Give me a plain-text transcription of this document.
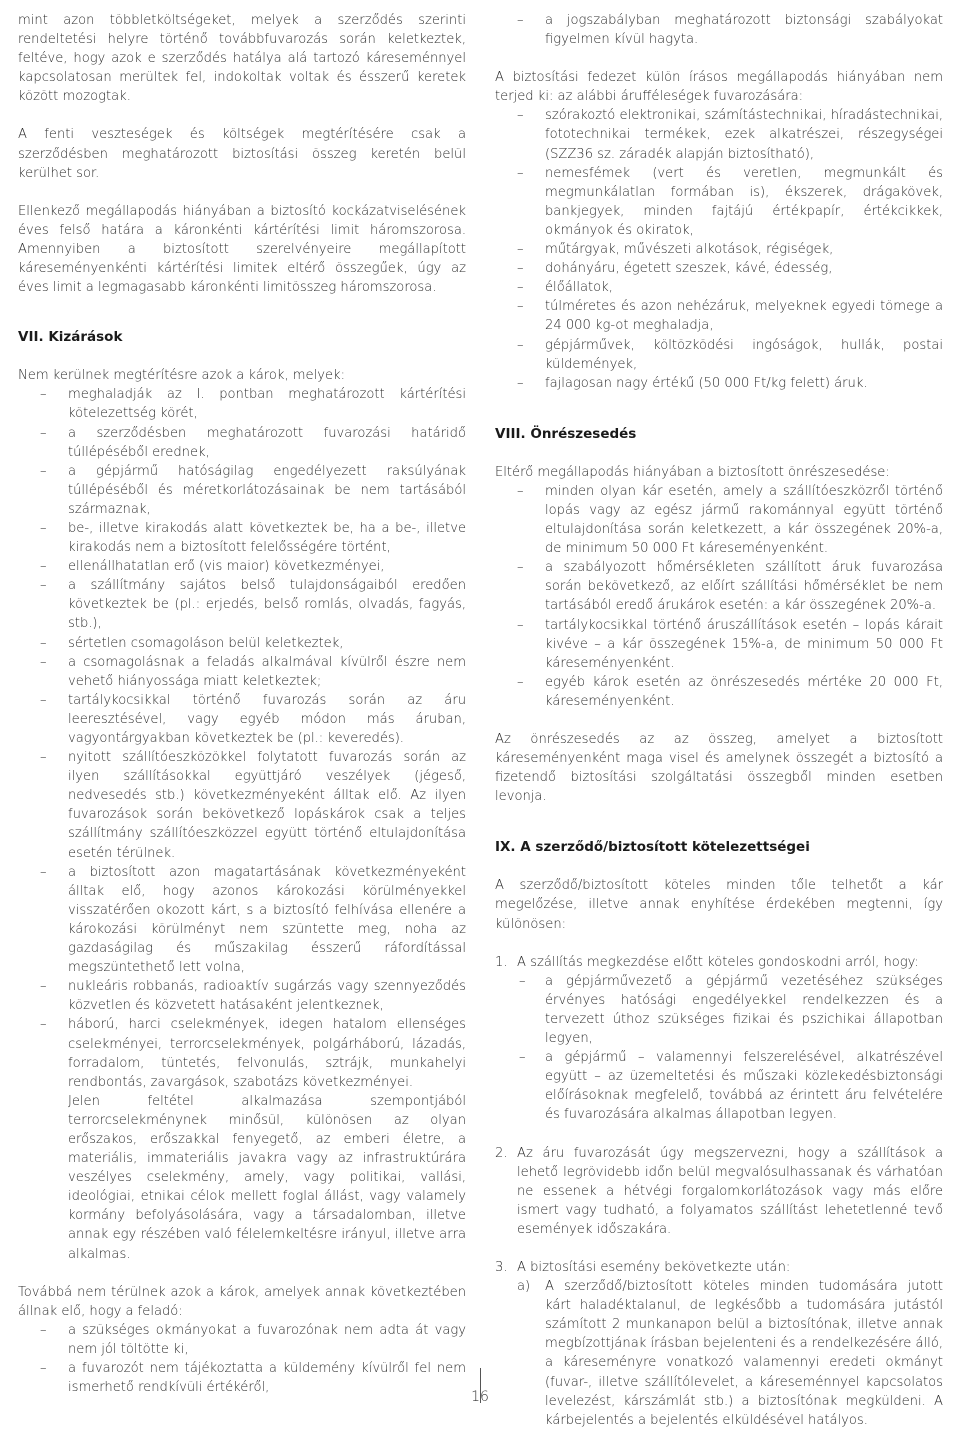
mint azon többletköltségeket, melyek a szerződés szerinti rendeltetési helyre történő továbbfuvarozás során keletkeztek, feltéve, hogy azok e szerződés hatálya alá tartozó káreseménnyel kapcsolatosan merültek fel, indokoltak voltak és ésszerű keretek között mozogtak.

A fenti veszteségek és költségek megtérítésére csak a szerződésben meghatározott biztosítási összeg keretén belül kerülhet sor.

Ellenkező megállapodás hiányában a biztosító kockázatviselésének éves felső határa a káronkénti kártérítési limit háromszorosa. Amennyiben a biztosított szerelvényeire megállapított káreseményenkénti kártérítési limitek eltérő összegűek, úgy az éves limit a legmagasabb káronkénti limitösszeg háromszorosa.

VII. Kizárások

Nem kerülnek megtérítésre azok a károk, melyek:

– meghaladják az I. pontban meghatározott kártérítési kötelezettség körét,
– a szerződésben meghatározott fuvarozási határidő túllépéséből erednek,
– a gépjármű hatóságilag engedélyezett raksúlyának túllépéséből és méretkorlátozásainak be nem tartásából származnak,
– be-, illetve kirakodás alatt következtek be, ha a be-, illetve kirakodás nem a biztosított felelősségére történt,
– ellenállhatatlan erő (vis maior) következményei,
– a szállítmány sajátos belső tulajdonságaiból eredően következtek be (pl.: erjedés, belső romlás, olvadás, fagyás, stb.),
– sértetlen csomagoláson belül keletkeztek,
– a csomagolásnak a feladás alkalmával kívülről észre nem vehető hiányossága miatt keletkeztek;
– tartálykocsikkal történő fuvarozás során az áru leeresztésével, vagy egyéb módon más áruban, vagyontárgyakban következtek be (pl.: keveredés).
– nyitott szállítóeszközökkel folytatott fuvarozás során az ilyen szállításokkal együttjáró veszélyek (jégeső, nedvesedés stb.) következményeként álltak elő. Az ilyen fuvarozások során bekövetkező lopáskárok csak a teljes szállítmány szállítóeszközzel együtt történő eltulajdonítása esetén térülnek.
– a biztosított azon magatartásának következményeként álltak elő, hogy azonos károkozási körülményekkel visszatérően okozott kárt, s a biztosító felhívása ellenére a károkozási körülményt nem szüntette meg, noha az gazdaságilag és műszakilag ésszerű ráfordítással megszüntethető lett volna,
– nukleáris robbanás, radioaktív sugárzás vagy szennyeződés közvetlen és közvetett hatásaként jelentkeznek,
– háború, harci cselekmények, idegen hatalom ellenséges cselekményei, terrorcselekmények, polgárháború, lázadás, forradalom, tüntetés, felvonulás, sztrájk, munkahelyi rendbontás, zavargások, szabotázs következményei.

Jelen feltétel alkalmazása szempontjából terrorcselekménynek minősül, különösen az olyan erőszakos, erőszakkal fenyegető, az emberi életre, a materiális, immateriális javakra vagy az infrastruktúrára veszélyes cselekmény, amely, vagy politikai, vallási, ideológiai, etnikai célok mellett foglal állást, vagy valamely kormány befolyásolására, vagy a társadalomban, illetve annak egy részében való félelemkeltésre irányul, illetve arra alkalmas.

Továbbá nem térülnek azok a károk, amelyek annak következtében állnak elő, hogy a feladó:

– a szükséges okmányokat a fuvarozónak nem adta át vagy nem jól töltötte ki,
– a fuvarozót nem tájékoztatta a küldemény kívülről fel nem ismerhető rendkívüli értékéről,
– a jogszabályban meghatározott biztonsági szabályokat figyelmen kívül hagyta.

A biztosítási fedezet külön írásos megállapodás hiányában nem terjed ki: az alábbi árufféleségek fuvarozására:

– szórakoztó elektronikai, számítástechnikai, híradástechnikai, fototechnikai termékek, ezek alkatrészei, részegységei (SZZ36 sz. záradék alapján biztosítható),
– nemesfémek (vert és veretlen, megmunkált és megmunkálatlan formában is), ékszerek, drágakövek, bankjegyek, minden fajtájú értékpapír, értékcikkek, okmányok és okiratok,
– műtárgyak, művészeti alkotások, régiségek,
– dohányáru, égetett szeszek, kávé, édesség,
– élőállatok,
– túlméretes és azon nehézáruk, melyeknek egyedi tömege a 24 000 kg-ot meghaladja,
– gépjárművek, költözködési ingóságok, hullák, postai küldemények,
– fajlagosan nagy értékű (50 000 Ft/kg felett) áruk.
VIII. Önrészesedés

Eltérő megállapodás hiányában a biztosított önrészesedése:

– minden olyan kár esetén, amely a szállítóeszközről történő lopás vagy az egész jármű rakománnyal együtt történő eltulajdonítása során keletkezett, a kár összegének 20%-a, de minimum 50 000 Ft káreseményenként.
– a szabályozott hőmérsékleten szállított áruk fuvarozása során bekövetkező, az előírt szállítási hőmérséklet be nem tartásából eredő árukárok esetén: a kár összegének 20%-a.
– tartálykocsikkal történő áruszállítások esetén – lopás kárait kivéve – a kár összegének 15%-a, de minimum 50 000 Ft káreseményenként.
– egyéb károk esetén az önrészesedés mértéke 20 000 Ft, káreseményenként.

Az önrészesedés az az összeg, amelyet a biztosított káreseményenként maga visel és amelynek összegét a biztosító a fizetendő biztosítási szolgáltatási összegből minden esetben levonja.

IX. A szerződő/biztosított kötelezettségei

A szerződő/biztosított köteles minden tőle telhetőt a kár megelőzése, illetve annak enyhítése érdekében megtenni, így különösen:

1. A szállítás megkezdése előtt köteles gondoskodni arról, hogy:
– a gépjárművezető a gépjármű vezetéséhez szükséges érvényes hatósági engedélyekkel rendelkezzen és a tervezett úthoz szükséges fizikai és pszichikai állapotban legyen,
– a gépjármű – valamennyi felszerelésével, alkatrészével együtt – az üzemeltetési és műszaki közlekedésbiztonsági előírásoknak megfelelő, továbbá az érintett áru felvételére és fuvarozására alkalmas állapotban legyen.
2. Az áru fuvarozását úgy megszervezni, hogy a szállítások a lehető legrövidebb időn belül megvalósulhassanak és várhatóan ne essenek a hétvégi forgalomkorlátozások vagy más előre ismert vagy tudható, a folyamatos szállítást lehetetlenné tevő események időszakára.
3. A biztosítási esemény bekövetkezte után:
a) A szerződő/biztosított köteles minden tudomására jutott kárt haladéktalanul, de legkésőbb a tudomására jutástól számított 2 munkanapon belül a biztosítónak, illetve annak megbízottjának írásban bejelenteni és a rendelkezésére álló, a káreseményre vonatkozó valamennyi eredeti okmányt (fuvar-, illetve szállítólevelet, a káreseménnyel kapcsolatos levelezést, kárszámlát stb.) a biztosítónak megküldeni. A kárbejelentés a bejelentés elküldésével hatályos.
16
